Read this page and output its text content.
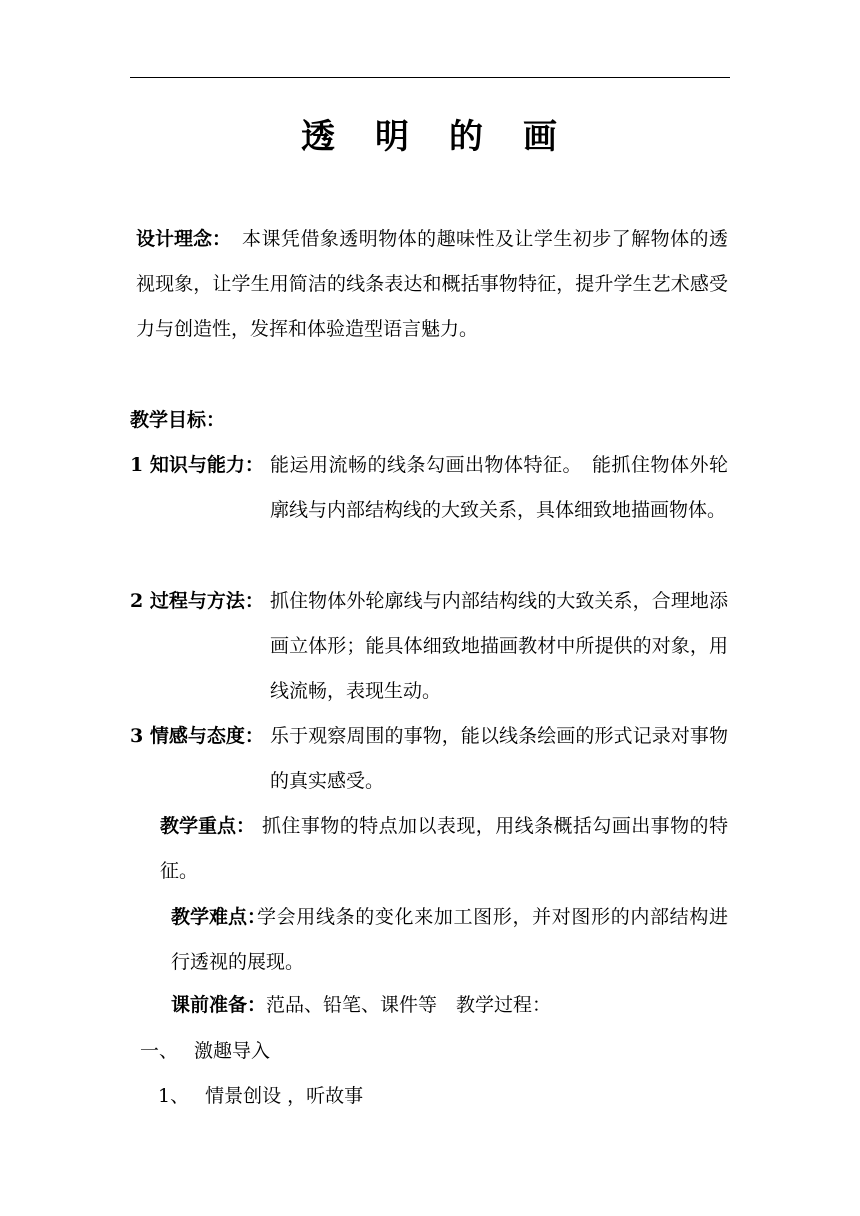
透 明 的 画
设计理念： 本课凭借象透明物体的趣味性及让学生初步了解物体的透视现象，让学生用简洁的线条表达和概括事物特征，提升学生艺术感受力与创造性，发挥和体验造型语言魅力。
教学目标：
1 知识与能力： 能运用流畅的线条勾画出物体特征。　能抓住物体外轮廓线与内部结构线的大致关系，具体细致地描画物体。
2 过程与方法： 抓住物体外轮廓线与内部结构线的大致关系，合理地添画立体形；能具体细致地描画教材中所提供的对象，用线流畅，表现生动。
3 情感与态度： 乐于观察周围的事物，能以线条绘画的形式记录对事物的真实感受。
教学重点： 抓住事物的特点加以表现，用线条概括勾画出事物的特征。
教学难点：
学会用线条的变化来加工图形，并对图形的内部结构进行透视的展现。
课前准备：范品、铅笔、课件等　教学过程：
一、 激趣导入
1、 情景创设 ，听故事
